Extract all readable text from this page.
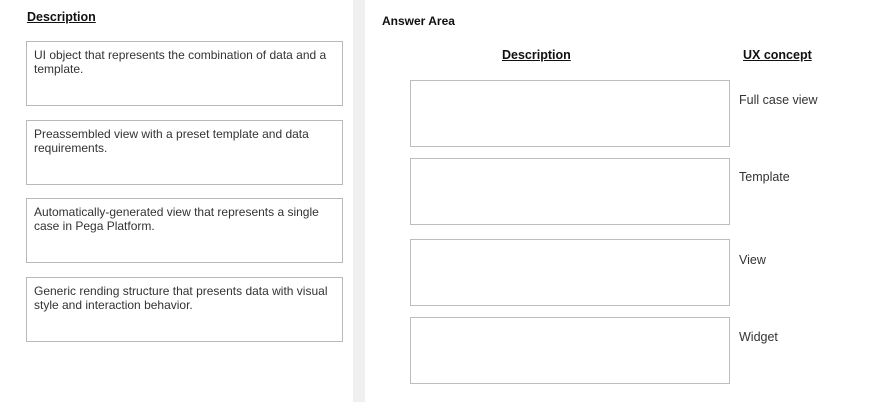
Description
UI object that represents the combination of data and a template.
Preassembled view with a preset template and data requirements.
Automatically-generated view that represents a single case in Pega Platform.
Generic rending structure that presents data with visual style and interaction behavior.
Answer Area
Description	UX concept
Full case view
Template
View
Widget
